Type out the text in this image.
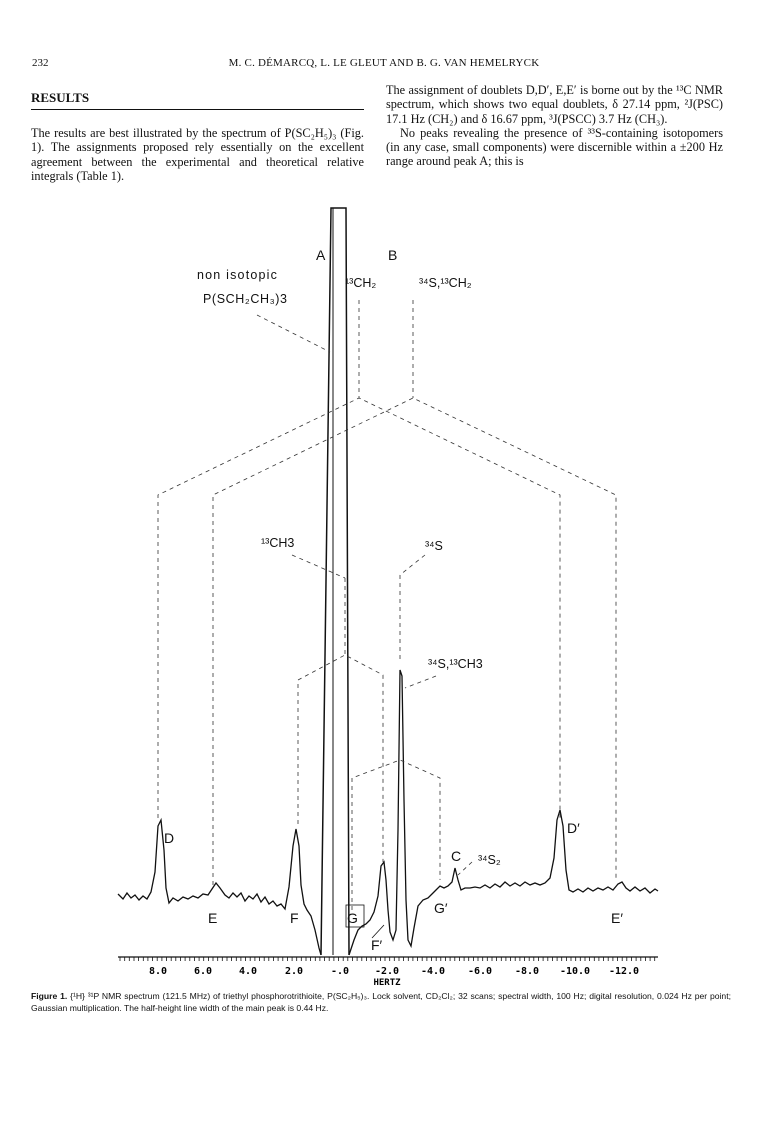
232	M. C. DÉMARCQ, L. LE GLEUT AND B. G. VAN HEMELRYCK
RESULTS

The results are best illustrated by the spectrum of P(SC₂H₅)₃ (Fig. 1). The assignments proposed rely essentially on the excellent agreement between the experimental and theoretical relative integrals (Table 1).

The assignment of doublets D,D′, E,E′ is borne out by the ¹³C NMR spectrum, which shows two equal doublets, δ 27.14 ppm, ²J(PSC) 17.1 Hz (CH₂) and δ 16.67 ppm, ³J(PSCC) 3.7 Hz (CH₃).

No peaks revealing the presence of ³³S-containing isotopomers (in any case, small components) were discernible within a ±200 Hz range around peak A; this is

8.0	6.0	4.0	2.0	-.0	-2.0 -4.0 -6.0 -8.0 -10.0 -12.0
HERTZ
non isotopic
P(SCH₂CH₃)3
¹³CH₂	³⁴S,¹³CH₂
¹³CH3	³⁴S
³⁴S,¹³CH3
³⁴S₂
A	B
D
D′
C
E	F	G
G′
E′
F′
Figure 1. {¹H} ³¹P NMR spectrum (121.5 MHz) of triethyl phosphorotrithioite, P(SC₂H₅)₃. Lock solvent, CD₂Cl₂; 32 scans; spectral width, 100 Hz; digital resolution, 0.024 Hz per point; Gaussian multiplication. The half-height line width of the main peak is 0.44 Hz.
